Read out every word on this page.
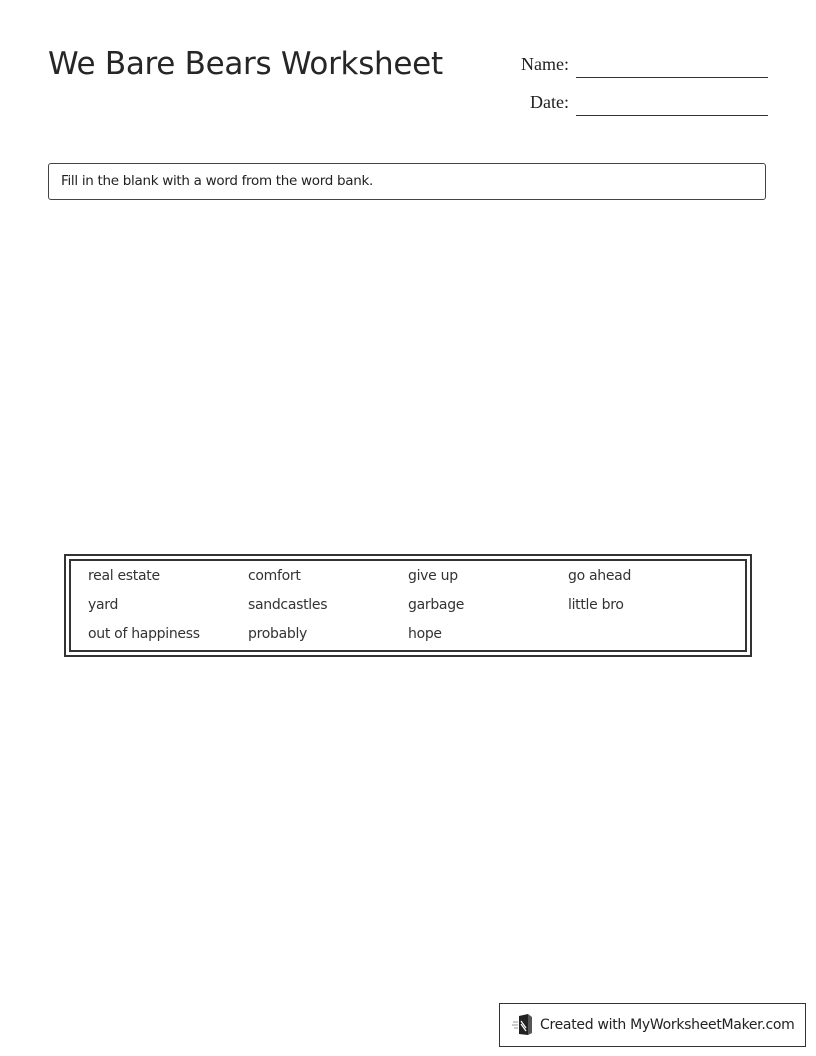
We Bare Bears Worksheet	Name:
Date:
Fill in the blank with a word from the word bank.
real estate	comfort	give up	go ahead
yard	sandcastles	garbage	little bro
out of happiness	probably	hope
Created with MyWorksheetMaker.com
